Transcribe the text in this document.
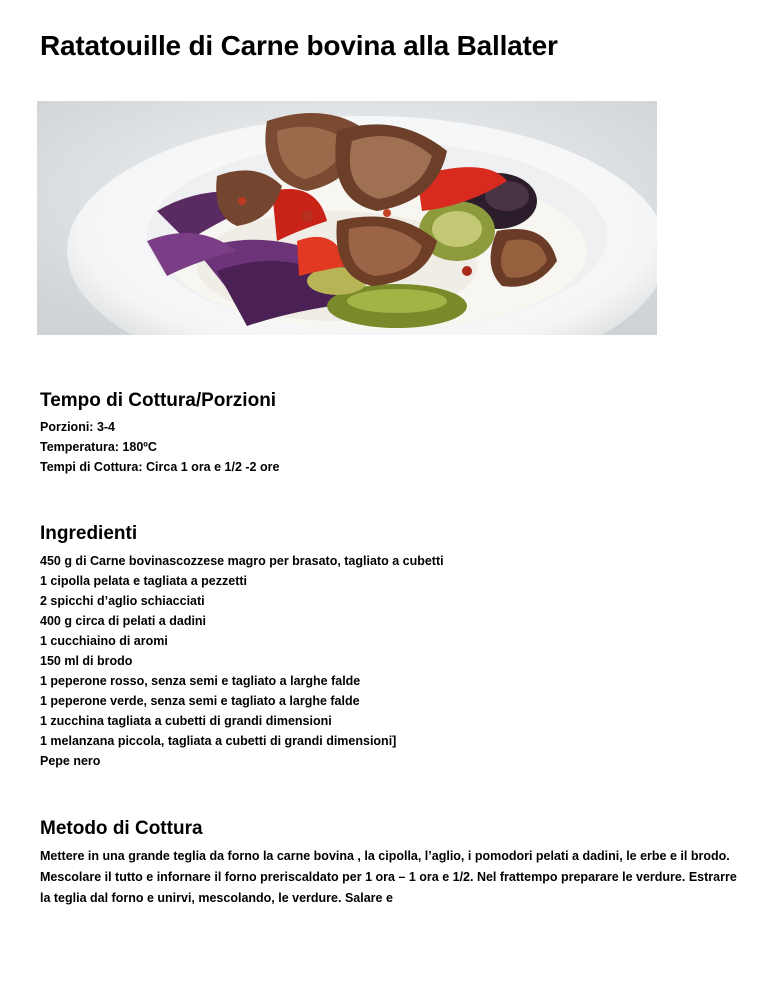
Ratatouille di Carne bovina alla Ballater
Tempo di Cottura/Porzioni
Porzioni: 3-4
Temperatura: 180ºC
Tempi di Cottura: Circa 1 ora e 1/2 -2 ore
Ingredienti
450 g di Carne bovinascozzese magro per brasato, tagliato a cubetti
1 cipolla pelata e tagliata a pezzetti
2 spicchi d’aglio schiacciati
400 g circa di pelati a dadini
1 cucchiaino di aromi
150 ml di brodo
1 peperone rosso, senza semi e tagliato a larghe falde
1 peperone verde, senza semi e tagliato a larghe falde
1 zucchina tagliata a cubetti di grandi dimensioni
1 melanzana piccola, tagliata a cubetti di grandi dimensioni]
Pepe nero
Metodo di Cottura

Mettere in una grande teglia da forno la carne bovina , la cipolla, l’aglio, i pomodori pelati a dadini, le erbe e il brodo. Mescolare il tutto e infornare il forno preriscaldato per 1 ora – 1 ora e 1/2. Nel frattempo preparare le verdure. Estrarre la teglia dal forno e unirvi, mescolando, le verdure. Salare e
